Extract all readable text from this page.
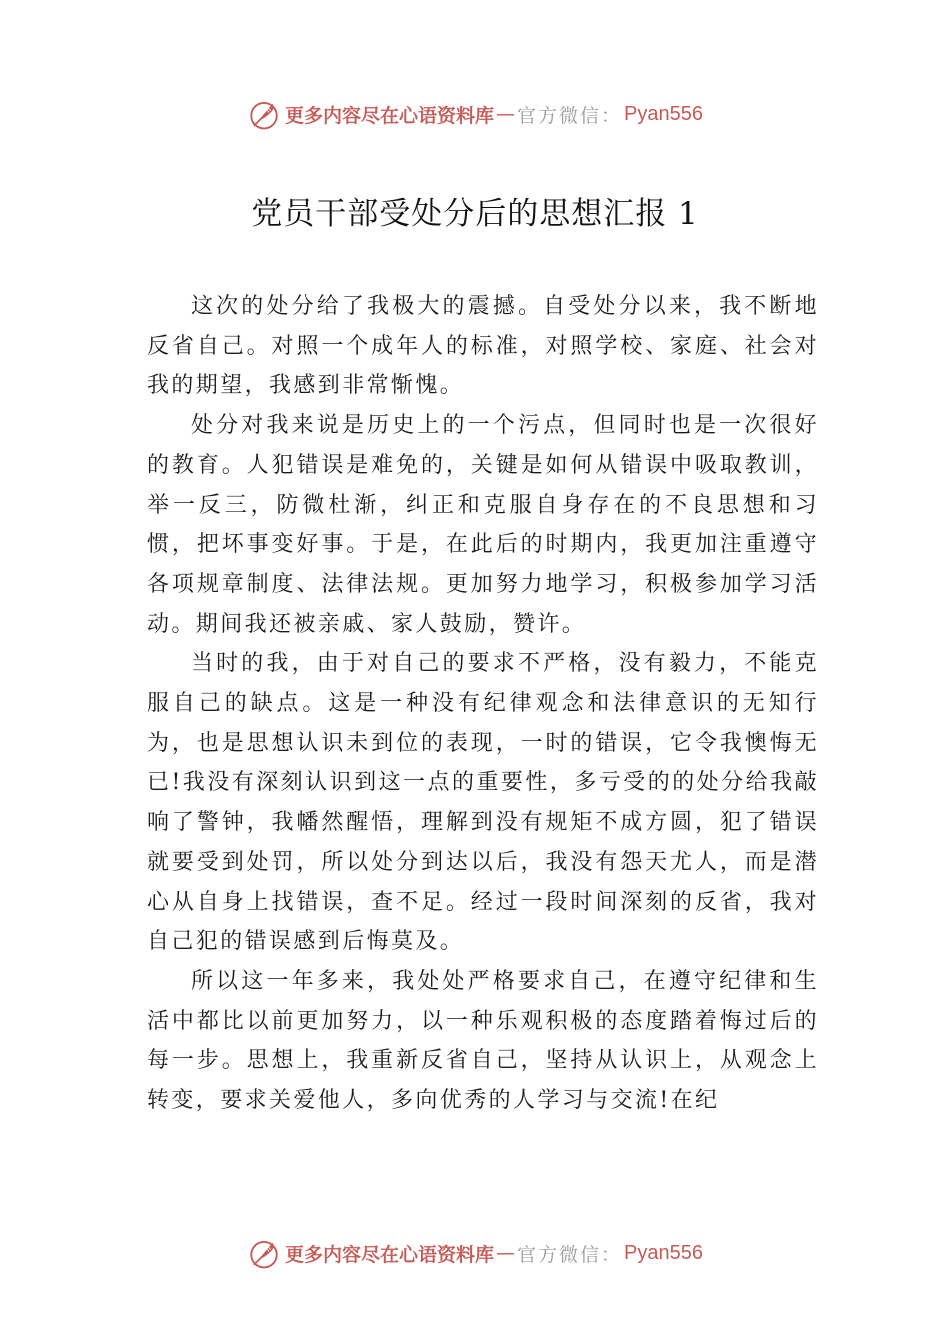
更多内容尽在心语资料库 — 官方微信： Pyan556
党员干部受处分后的思想汇报 1

这次的处分给了我极大的震撼。自受处分以来，我不断地反省自己。对照一个成年人的标准，对照学校、家庭、社会对我的期望，我感到非常惭愧。

处分对我来说是历史上的一个污点，但同时也是一次很好的教育。人犯错误是难免的，关键是如何从错误中吸取教训，举一反三，防微杜渐，纠正和克服自身存在的不良思想和习惯，把坏事变好事。于是，在此后的时期内，我更加注重遵守各项规章制度、法律法规。更加努力地学习，积极参加学习活动。期间我还被亲戚、家人鼓励，赞许。

当时的我，由于对自己的要求不严格，没有毅力，不能克服自己的缺点。这是一种没有纪律观念和法律意识的无知行为，也是思想认识未到位的表现，一时的错误，它令我懊悔无已!我没有深刻认识到这一点的重要性，多亏受的的处分给我敲响了警钟，我幡然醒悟，理解到没有规矩不成方圆，犯了错误就要受到处罚，所以处分到达以后，我没有怨天尤人，而是潜心从自身上找错误，查不足。经过一段时间深刻的反省，我对自己犯的错误感到后悔莫及。

所以这一年多来，我处处严格要求自己，在遵守纪律和生活中都比以前更加努力，以一种乐观积极的态度踏着悔过后的每一步。思想上，我重新反省自己，坚持从认识上，从观念上转变，要求关爱他人，多向优秀的人学习与交流!在纪

更多内容尽在心语资料库 — 官方微信： Pyan556
